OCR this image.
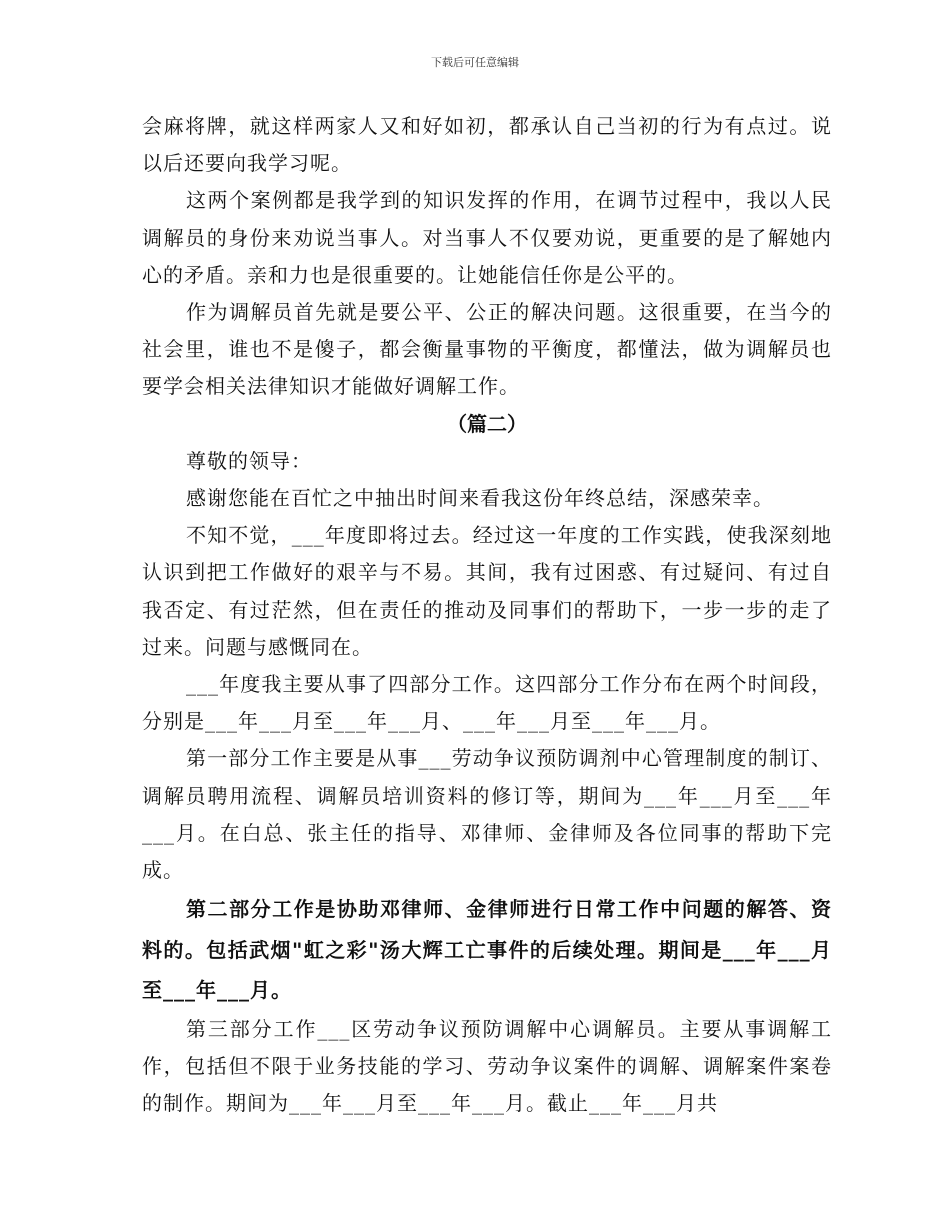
下载后可任意编辑

会麻将牌，就这样两家人又和好如初，都承认自己当初的行为有点过。说以后还要向我学习呢。

这两个案例都是我学到的知识发挥的作用，在调节过程中，我以人民调解员的身份来劝说当事人。对当事人不仅要劝说，更重要的是了解她内心的矛盾。亲和力也是很重要的。让她能信任你是公平的。

作为调解员首先就是要公平、公正的解决问题。这很重要，在当今的社会里，谁也不是傻子，都会衡量事物的平衡度，都懂法，做为调解员也要学会相关法律知识才能做好调解工作。

（篇二）

尊敬的领导：

感谢您能在百忙之中抽出时间来看我这份年终总结，深感荣幸。

不知不觉，___年度即将过去。经过这一年度的工作实践，使我深刻地认识到把工作做好的艰辛与不易。其间，我有过困惑、有过疑问、有过自我否定、有过茫然，但在责任的推动及同事们的帮助下，一步一步的走了过来。问题与感慨同在。

___年度我主要从事了四部分工作。这四部分工作分布在两个时间段，分别是___年___月至___年___月、___年___月至___年___月。

第一部分工作主要是从事___劳动争议预防调剂中心管理制度的制订、调解员聘用流程、调解员培训资料的修订等，期间为___年___月至___年___月。在白总、张主任的指导、邓律师、金律师及各位同事的帮助下完成。

第二部分工作是协助邓律师、金律师进行日常工作中问题的解答、资料的。包括武烟"虹之彩"汤大辉工亡事件的后续处理。期间是___年___月至___年___月。

第三部分工作___区劳动争议预防调解中心调解员。主要从事调解工作，包括但不限于业务技能的学习、劳动争议案件的调解、调解案件案卷的制作。期间为___年___月至___年___月。截止___年___月共
